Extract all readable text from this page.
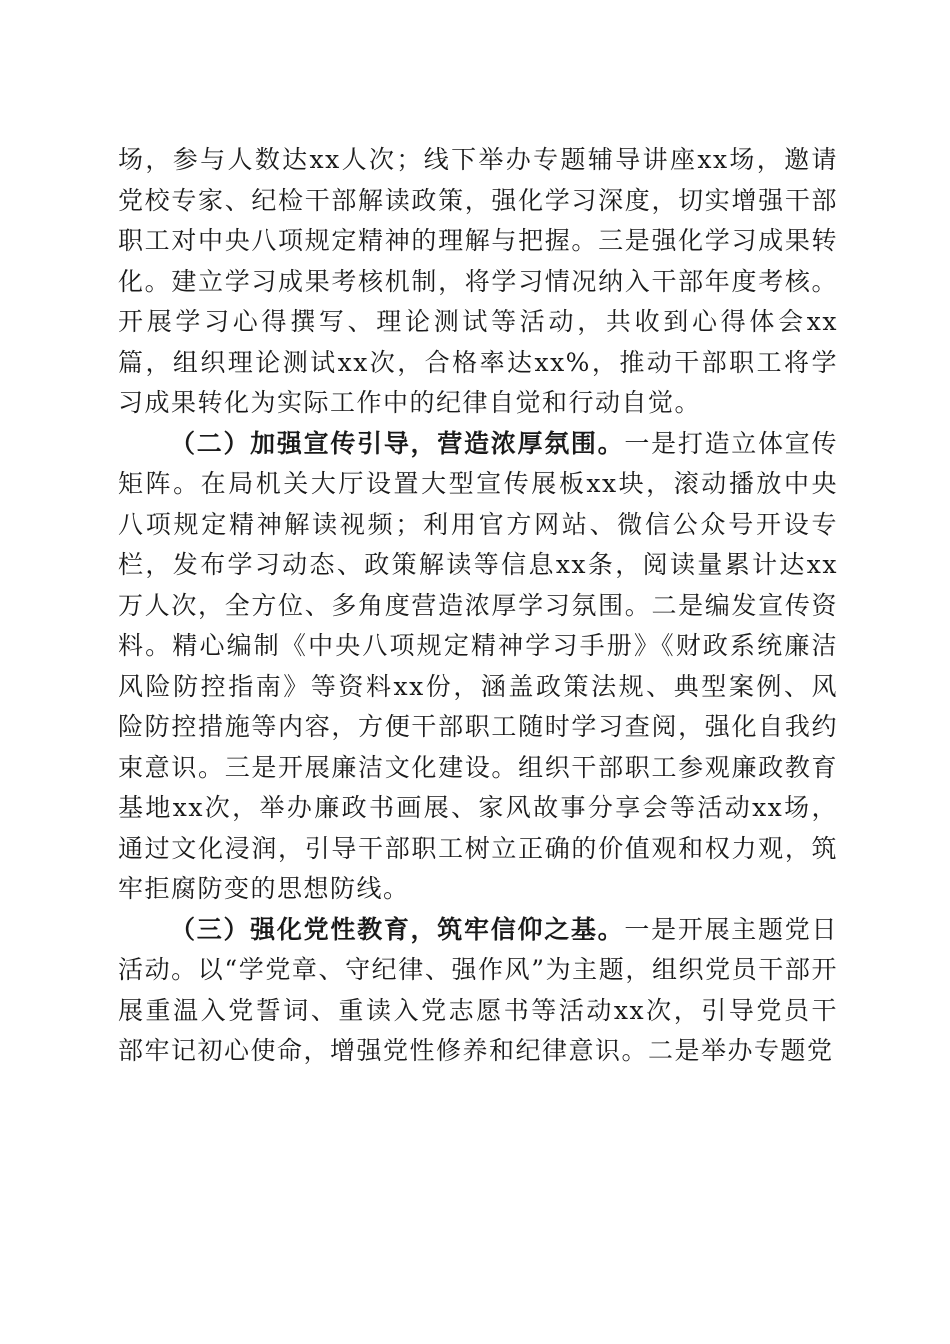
场，参与人数达xx人次；线下举办专题辅导讲座xx场，邀请党校专家、纪检干部解读政策，强化学习深度，切实增强干部职工对中央八项规定精神的理解与把握。三是强化学习成果转化。建立学习成果考核机制，将学习情况纳入干部年度考核。开展学习心得撰写、理论测试等活动，共收到心得体会xx篇，组织理论测试xx次，合格率达xx%，推动干部职工将学习成果转化为实际工作中的纪律自觉和行动自觉。

（二）加强宣传引导，营造浓厚氛围。一是打造立体宣传矩阵。在局机关大厅设置大型宣传展板xx块，滚动播放中央八项规定精神解读视频；利用官方网站、微信公众号开设专栏，发布学习动态、政策解读等信息xx条，阅读量累计达xx万人次，全方位、多角度营造浓厚学习氛围。二是编发宣传资料。精心编制《中央八项规定精神学习手册》《财政系统廉洁风险防控指南》等资料xx份，涵盖政策法规、典型案例、风险防控措施等内容，方便干部职工随时学习查阅，强化自我约束意识。三是开展廉洁文化建设。组织干部职工参观廉政教育基地xx次，举办廉政书画展、家风故事分享会等活动xx场，通过文化浸润，引导干部职工树立正确的价值观和权力观，筑牢拒腐防变的思想防线。

（三）强化党性教育，筑牢信仰之基。一是开展主题党日活动。以“学党章、守纪律、强作风”为主题，组织党员干部开展重温入党誓词、重读入党志愿书等活动xx次，引导党员干部牢记初心使命，增强党性修养和纪律意识。二是举办专题党
